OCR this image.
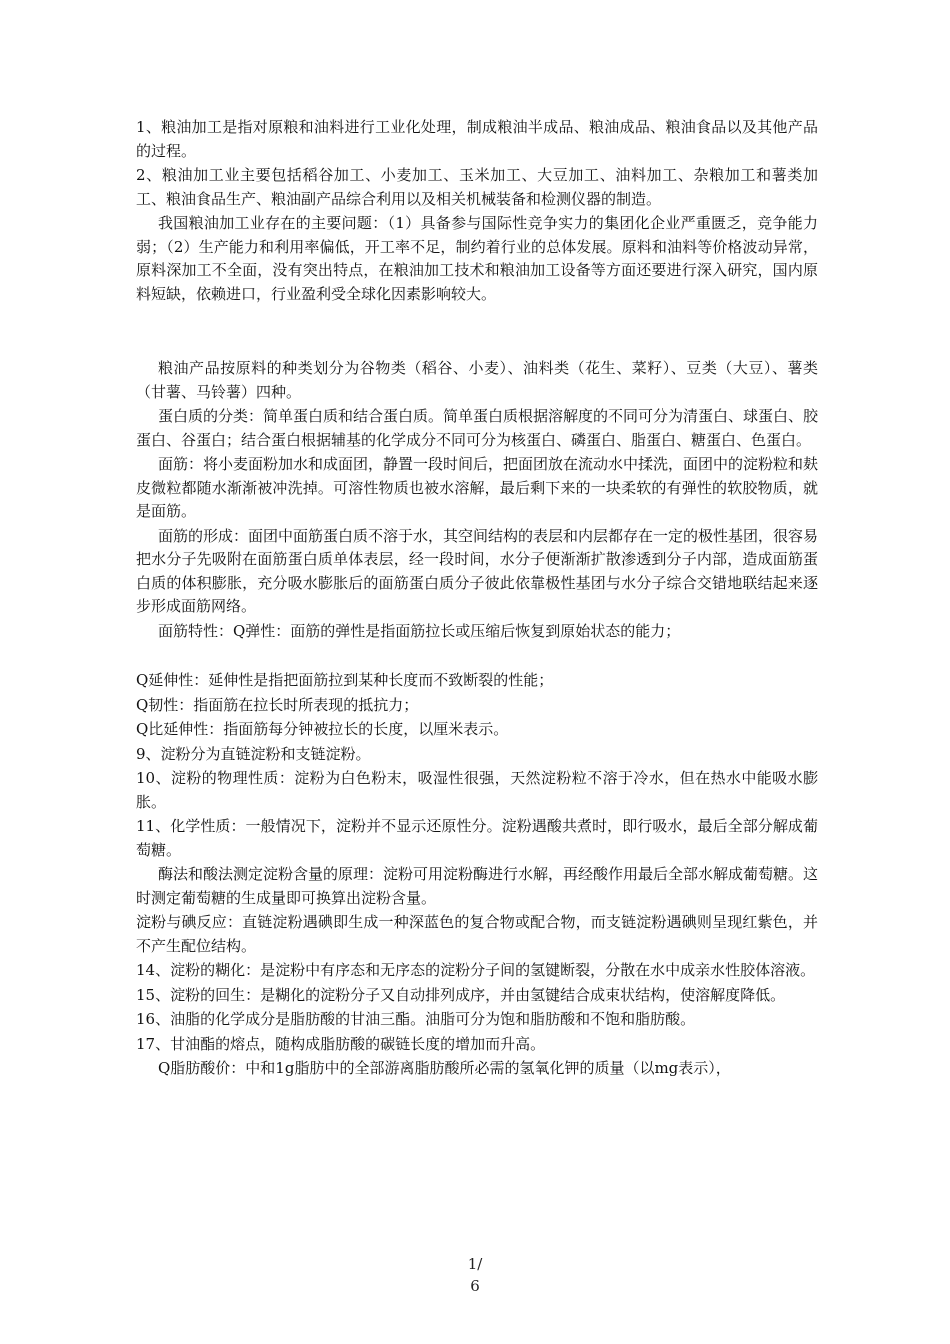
1、粮油加工是指对原粮和油料进行工业化处理，制成粮油半成品、粮油成品、粮油食品以及其他产品的过程。

2、粮油加工业主要包括稻谷加工、小麦加工、玉米加工、大豆加工、油料加工、杂粮加工和薯类加工、粮油食品生产、粮油副产品综合利用以及相关机械装备和检测仪器的制造。

我国粮油加工业存在的主要问题：（1）具备参与国际性竞争实力的集团化企业严重匮乏，竞争能力弱；（2）生产能力和利用率偏低，开工率不足，制约着行业的总体发展。原料和油料等价格波动异常，原料深加工不全面，没有突出特点，在粮油加工技术和粮油加工设备等方面还要进行深入研究，国内原料短缺，依赖进口，行业盈利受全球化因素影响较大。

粮油产品按原料的种类划分为谷物类（稻谷、小麦）、油料类（花生、菜籽）、豆类（大豆）、薯类（甘薯、马铃薯）四种。

蛋白质的分类：简单蛋白质和结合蛋白质。简单蛋白质根据溶解度的不同可分为清蛋白、球蛋白、胶蛋白、谷蛋白；结合蛋白根据辅基的化学成分不同可分为核蛋白、磷蛋白、脂蛋白、糖蛋白、色蛋白。

面筋：将小麦面粉加水和成面团，静置一段时间后，把面团放在流动水中揉洗，面团中的淀粉粒和麸皮微粒都随水渐渐被冲洗掉。可溶性物质也被水溶解，最后剩下来的一块柔软的有弹性的软胶物质，就是面筋。

面筋的形成：面团中面筋蛋白质不溶于水，其空间结构的表层和内层都存在一定的极性基团，很容易把水分子先吸附在面筋蛋白质单体表层，经一段时间，水分子便渐渐扩散渗透到分子内部，造成面筋蛋白质的体积膨胀，充分吸水膨胀后的面筋蛋白质分子彼此依靠极性基团与水分子综合交错地联结起来逐步形成面筋网络。

面筋特性：Q弹性：面筋的弹性是指面筋拉长或压缩后恢复到原始状态的能力；

Q延伸性：延伸性是指把面筋拉到某种长度而不致断裂的性能；

Q韧性：指面筋在拉长时所表现的抵抗力；

Q比延伸性：指面筋每分钟被拉长的长度，以厘米表示。

9、淀粉分为直链淀粉和支链淀粉。

10、淀粉的物理性质：淀粉为白色粉末，吸湿性很强，天然淀粉粒不溶于冷水，但在热水中能吸水膨胀。

11、化学性质：一般情况下，淀粉并不显示还原性分。淀粉遇酸共煮时，即行吸水，最后全部分解成葡萄糖。

酶法和酸法测定淀粉含量的原理：淀粉可用淀粉酶进行水解，再经酸作用最后全部水解成葡萄糖。这时测定葡萄糖的生成量即可换算出淀粉含量。

淀粉与碘反应：直链淀粉遇碘即生成一种深蓝色的复合物或配合物，而支链淀粉遇碘则呈现红紫色，并不产生配位结构。

14、淀粉的糊化：是淀粉中有序态和无序态的淀粉分子间的氢键断裂，分散在水中成亲水性胶体溶液。

15、淀粉的回生：是糊化的淀粉分子又自动排列成序，并由氢键结合成束状结构，使溶解度降低。

16、油脂的化学成分是脂肪酸的甘油三酯。油脂可分为饱和脂肪酸和不饱和脂肪酸。

17、甘油酯的熔点，随构成脂肪酸的碳链长度的增加而升高。

Q脂肪酸价：中和1g脂肪中的全部游离脂肪酸所必需的氢氧化钾的质量（以mg表示），

1/
6
